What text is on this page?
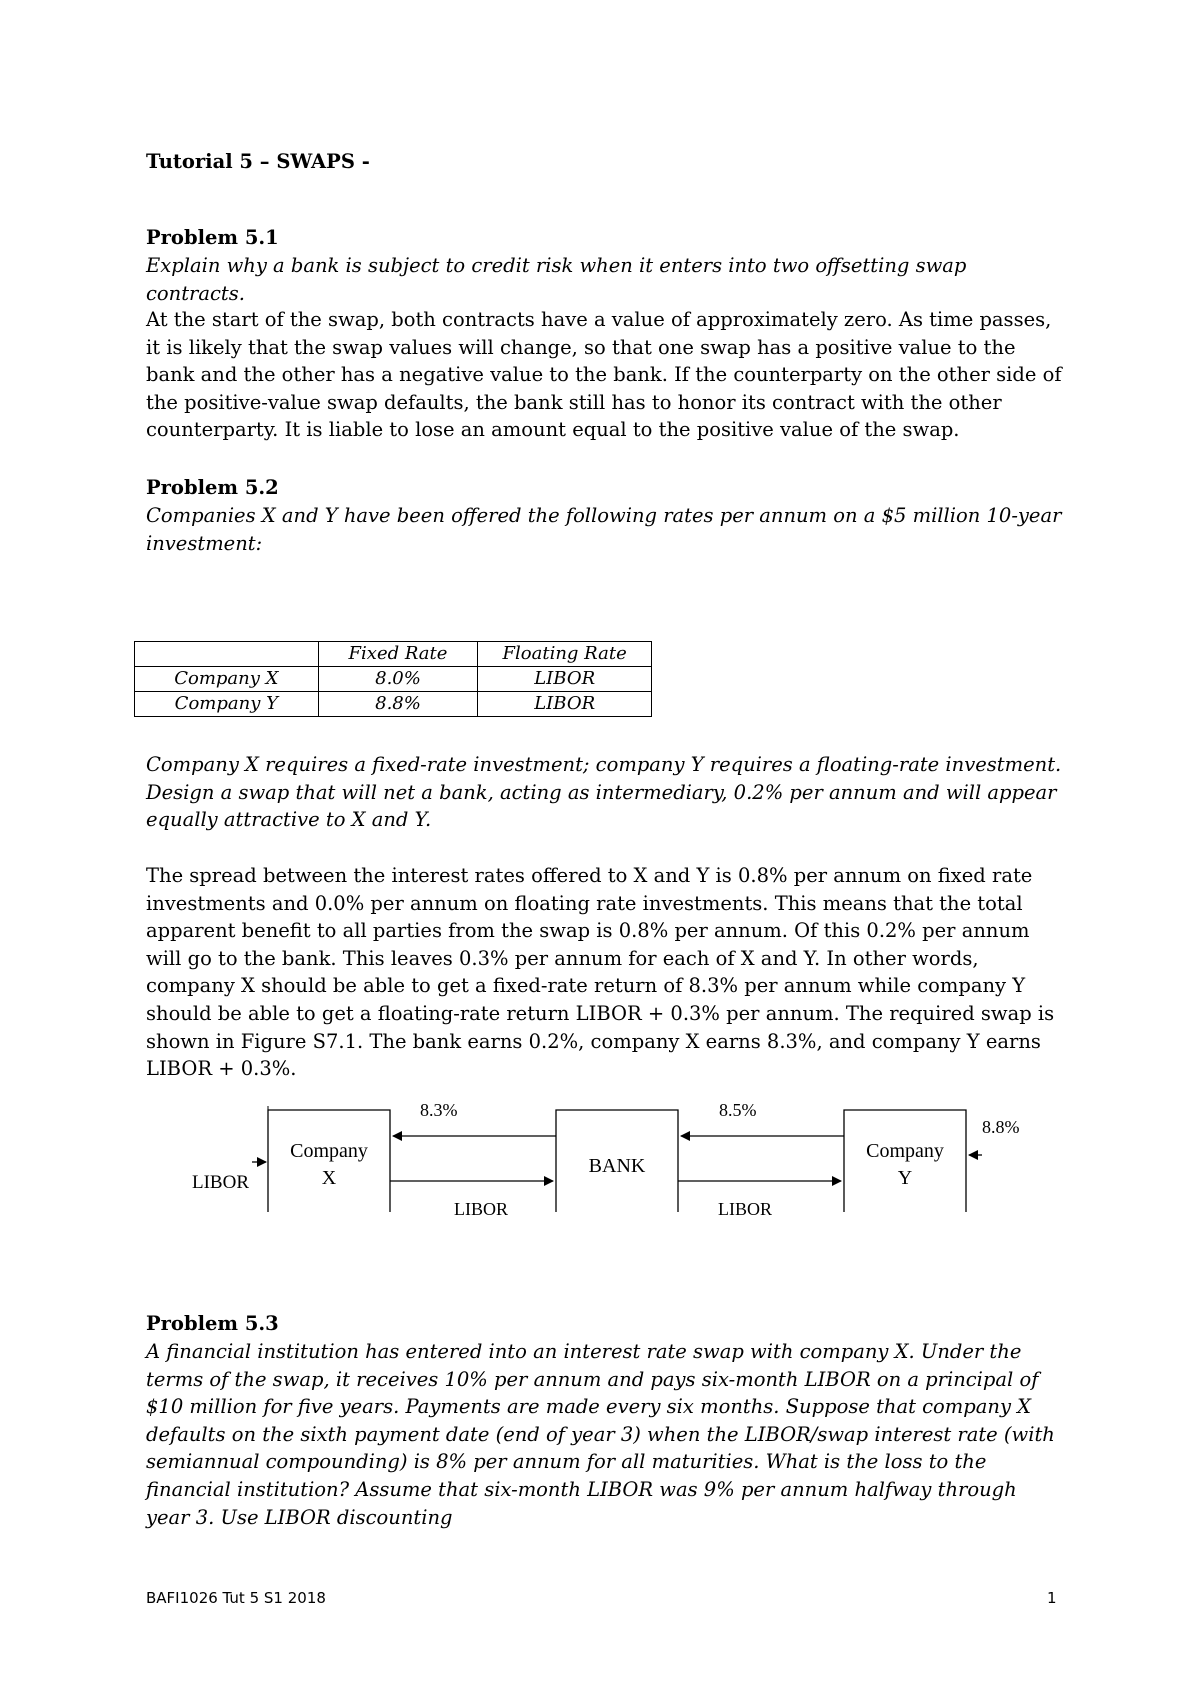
Tutorial 5 – SWAPS -
Problem 5.1
Explain why a bank is subject to credit risk when it enters into two offsetting swap contracts.
At the start of the swap, both contracts have a value of approximately zero. As time passes, it is likely that the swap values will change, so that one swap has a positive value to the bank and the other has a negative value to the bank. If the counterparty on the other side of the positive-value swap defaults, the bank still has to honor its contract with the other counterparty. It is liable to lose an amount equal to the positive value of the swap.
Problem 5.2
Companies X and Y have been offered the following rates per annum on a $5 million 10-year investment:
	Fixed Rate	Floating Rate
Company X	8.0%	LIBOR
Company Y	8.8%	LIBOR
Company X requires a fixed-rate investment; company Y requires a floating-rate investment. Design a swap that will net a bank, acting as intermediary, 0.2% per annum and will appear equally attractive to X and Y.
The spread between the interest rates offered to X and Y is 0.8% per annum on fixed rate investments and 0.0% per annum on floating rate investments. This means that the total apparent benefit to all parties from the swap is 0.8% per annum. Of this 0.2% per annum will go to the bank. This leaves 0.3% per annum for each of X and Y. In other words, company X should be able to get a fixed-rate return of 8.3% per annum while company Y should be able to get a floating-rate return LIBOR + 0.3% per annum. The required swap is shown in Figure S7.1. The bank earns 0.2%, company X earns 8.3%, and company Y earns LIBOR + 0.3%.
Company
X
BANK
Company
Y
8.3%	8.5%
LIBOR	LIBOR
LIBOR
8.8%
Problem 5.3
A financial institution has entered into an interest rate swap with company X. Under the terms of the swap, it receives 10% per annum and pays six-month LIBOR on a principal of $10 million for five years. Payments are made every six months. Suppose that company X defaults on the sixth payment date (end of year 3) when the LIBOR/swap interest rate (with semiannual compounding) is 8% per annum for all maturities. What is the loss to the financial institution? Assume that six-month LIBOR was 9% per annum halfway through year 3. Use LIBOR discounting
BAFI1026 Tut 5 S1 2018	1
